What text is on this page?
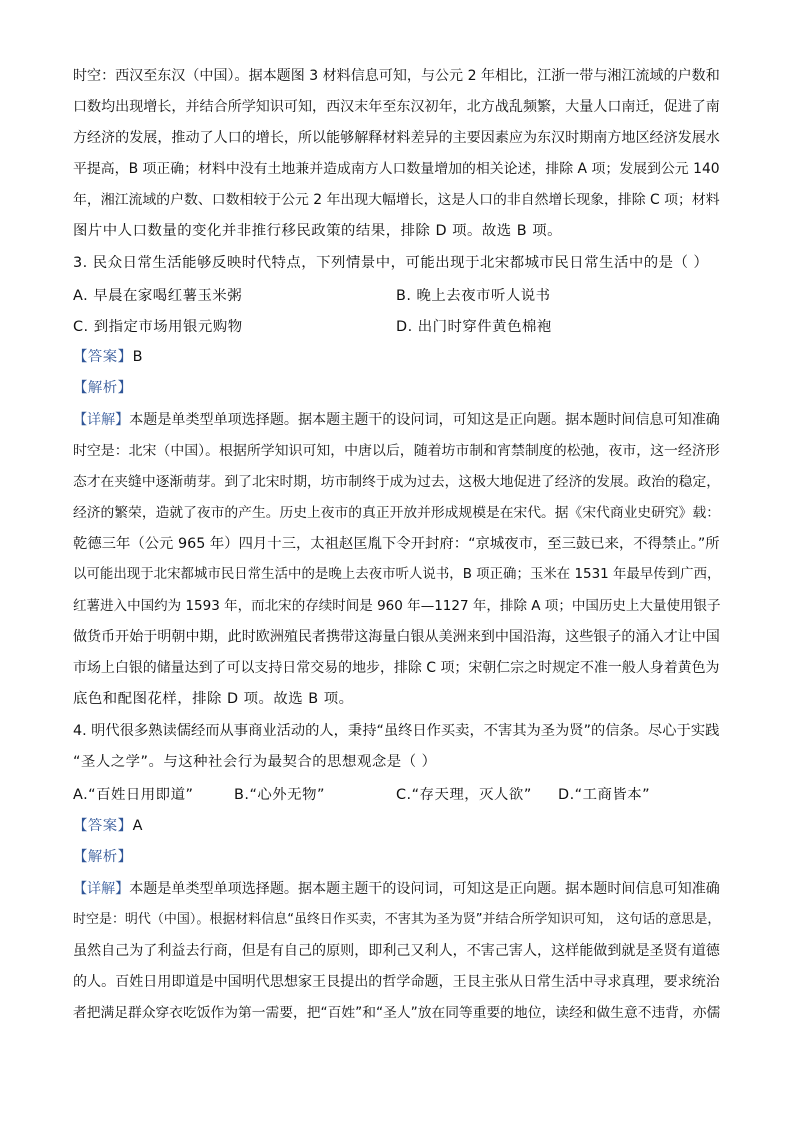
时空：西汉至东汉（中国）。据本题图 3 材料信息可知，与公元 2 年相比，江浙一带与湘江流域的户数和
口数均出现增长，并结合所学知识可知，西汉末年至东汉初年，北方战乱频繁，大量人口南迁，促进了南
方经济的发展，推动了人口的增长，所以能够解释材料差异的主要因素应为东汉时期南方地区经济发展水
平提高，B 项正确；材料中没有土地兼并造成南方人口数量增加的相关论述，排除 A 项；发展到公元 140
年，湘江流域的户数、口数相较于公元 2 年出现大幅增长，这是人口的非自然增长现象，排除 C 项；材料
图片中人口数量的变化并非推行移民政策的结果，排除 D 项。故选 B 项。
3. 民众日常生活能够反映时代特点，下列情景中，可能出现于北宋都城市民日常生活中的是（ ）
A. 早晨在家喝红薯玉米粥	B. 晚上去夜市听人说书
C. 到指定市场用银元购物	D. 出门时穿件黄色棉袍
【答案】B
【解析】
【详解】本题是单类型单项选择题。据本题主题干的设问词，可知这是正向题。据本题时间信息可知准确
时空是：北宋（中国）。根据所学知识可知，中唐以后，随着坊市制和宵禁制度的松弛，夜市，这一经济形
态才在夹缝中逐渐萌芽。到了北宋时期，坊市制终于成为过去，这极大地促进了经济的发展。政治的稳定，
经济的繁荣，造就了夜市的产生。历史上夜市的真正开放并形成规模是在宋代。据《宋代商业史研究》载：
乾德三年（公元 965 年）四月十三，太祖赵匡胤下令开封府：“京城夜市，至三鼓已来，不得禁止。”所
以可能出现于北宋都城市民日常生活中的是晚上去夜市听人说书，B 项正确；玉米在 1531 年最早传到广西，
红薯进入中国约为 1593 年，而北宋的存续时间是 960 年—1127 年，排除 A 项；中国历史上大量使用银子
做货币开始于明朝中期，此时欧洲殖民者携带这海量白银从美洲来到中国沿海，这些银子的涌入才让中国
市场上白银的储量达到了可以支持日常交易的地步，排除 C 项；宋朝仁宗之时规定不准一般人身着黄色为
底色和配图花样，排除 D 项。故选 B 项。
4. 明代很多熟读儒经而从事商业活动的人，秉持“虽终日作买卖，不害其为圣为贤”的信条。尽心于实践
“圣人之学”。与这种社会行为最契合的思想观念是（ ）
A.“百姓日用即道”	B.“心外无物”	C.“存天理，灭人欲” D.“工商皆本”
【答案】A
【解析】
【详解】本题是单类型单项选择题。据本题主题干的设问词，可知这是正向题。据本题时间信息可知准确
时空是：明代（中国）。根据材料信息“虽终日作买卖，不害其为圣为贤”并结合所学知识可知， 这句话的意思是，
虽然自己为了利益去行商，但是有自己的原则，即利己又利人，不害己害人，这样能做到就是圣贤有道德
的人。百姓日用即道是中国明代思想家王艮提出的哲学命题，王艮主张从日常生活中寻求真理，要求统治
者把满足群众穿衣吃饭作为第一需要，把“百姓”和“圣人”放在同等重要的地位，读经和做生意不违背，亦儒
